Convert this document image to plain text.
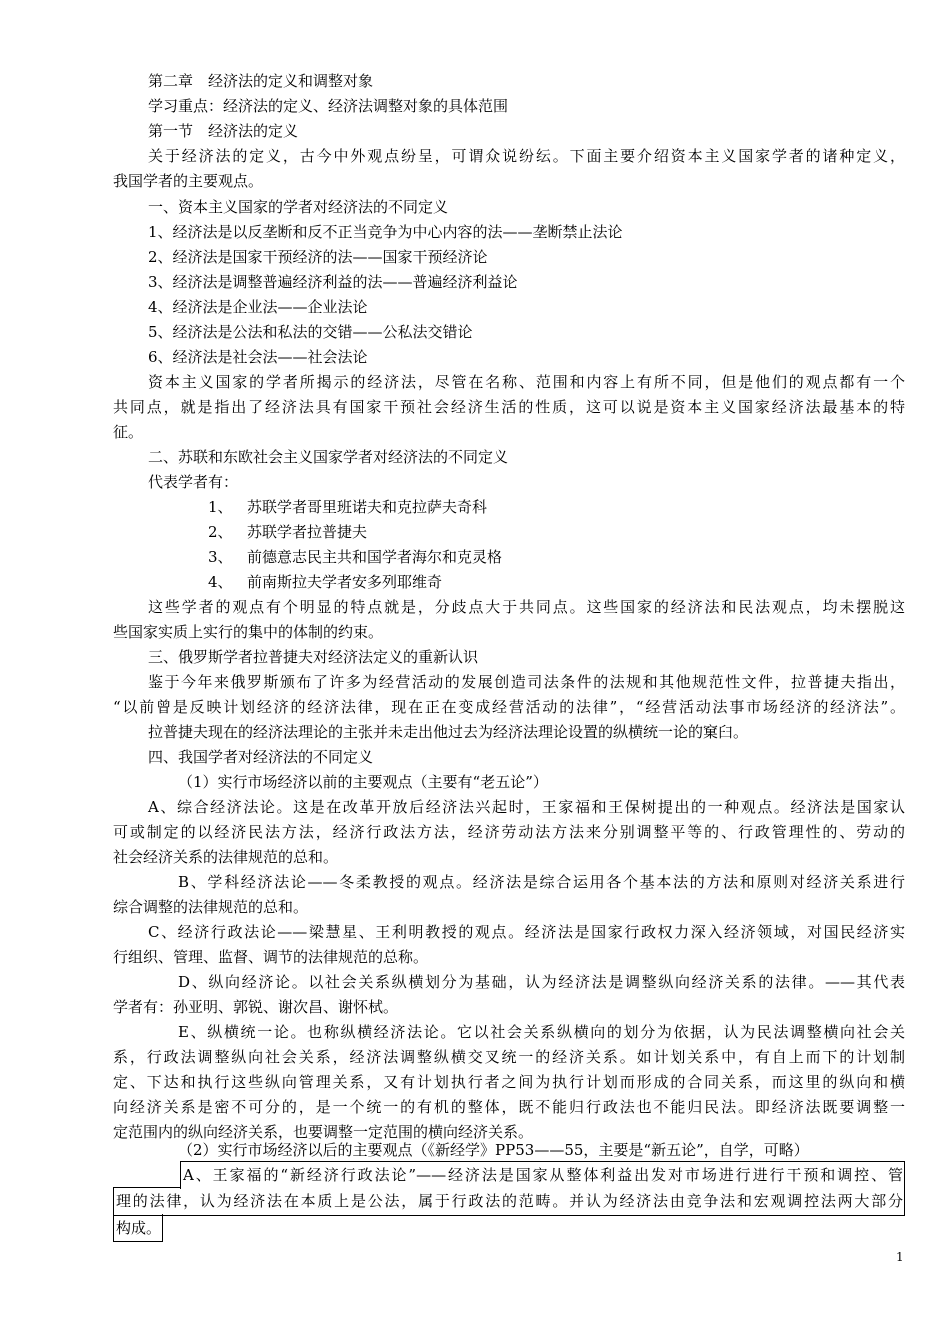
第二章　经济法的定义和调整对象
学习重点：经济法的定义、经济法调整对象的具体范围
第一节　经济法的定义
关于经济法的定义，古今中外观点纷呈，可谓众说纷纭。下面主要介绍资本主义国家学者的诸种定义，
我国学者的主要观点。
一、资本主义国家的学者对经济法的不同定义
1、经济法是以反垄断和反不正当竞争为中心内容的法——垄断禁止法论
2、经济法是国家干预经济的法——国家干预经济论
3、经济法是调整普遍经济利益的法——普遍经济利益论
4、经济法是企业法——企业法论
5、经济法是公法和私法的交错——公私法交错论
6、经济法是社会法——社会法论
资本主义国家的学者所揭示的经济法，尽管在名称、范围和内容上有所不同，但是他们的观点都有一个
共同点，就是指出了经济法具有国家干预社会经济生活的性质，这可以说是资本主义国家经济法最基本的特
征。
二、苏联和东欧社会主义国家学者对经济法的不同定义
代表学者有：
1、 苏联学者哥里班诺夫和克拉萨夫奇科
2、 苏联学者拉普捷夫
3、 前德意志民主共和国学者海尔和克灵格
4、 前南斯拉夫学者安多列耶维奇
这些学者的观点有个明显的特点就是，分歧点大于共同点。这些国家的经济法和民法观点，均未摆脱这
些国家实质上实行的集中的体制的约束。
三、俄罗斯学者拉普捷夫对经济法定义的重新认识
鉴于今年来俄罗斯颁布了许多为经营活动的发展创造司法条件的法规和其他规范性文件，拉普捷夫指出，
“以前曾是反映计划经济的经济法律，现在正在变成经营活动的法律”，“经营活动法事市场经济的经济法”。
拉普捷夫现在的经济法理论的主张并未走出他过去为经济法理论设置的纵横统一论的窠臼。
四、我国学者对经济法的不同定义
（1）实行市场经济以前的主要观点（主要有“老五论”）
A、综合经济法论。这是在改革开放后经济法兴起时，王家福和王保树提出的一种观点。经济法是国家认
可或制定的以经济民法方法，经济行政法方法，经济劳动法方法来分别调整平等的、行政管理性的、劳动的
社会经济关系的法律规范的总和。
B、学科经济法论——冬柔教授的观点。经济法是综合运用各个基本法的方法和原则对经济关系进行
综合调整的法律规范的总和。
C、经济行政法论——梁慧星、王利明教授的观点。经济法是国家行政权力深入经济领域，对国民经济实
行组织、管理、监督、调节的法律规范的总称。
D、纵向经济论。以社会关系纵横划分为基础，认为经济法是调整纵向经济关系的法律。——其代表
学者有：孙亚明、郭锐、谢次昌、谢怀栻。
E、纵横统一论。也称纵横经济法论。它以社会关系纵横向的划分为依据，认为民法调整横向社会关
系，行政法调整纵向社会关系，经济法调整纵横交叉统一的经济关系。如计划关系中，有自上而下的计划制
定、下达和执行这些纵向管理关系，又有计划执行者之间为执行计划而形成的合同关系，而这里的纵向和横
向经济关系是密不可分的，是一个统一的有机的整体，既不能归行政法也不能归民法。即经济法既要调整一
定范围内的纵向经济关系，也要调整一定范围的横向经济关系。
（2）实行市场经济以后的主要观点（《新经学》PP53——55，主要是“新五论”，自学，可略）
A、王家福的“新经济行政法论”——经济法是国家从整体利益出发对市场进行进行干预和调控、管
理的法律，认为经济法在本质上是公法，属于行政法的范畴。并认为经济法由竞争法和宏观调控法两大部分
构成。
1
